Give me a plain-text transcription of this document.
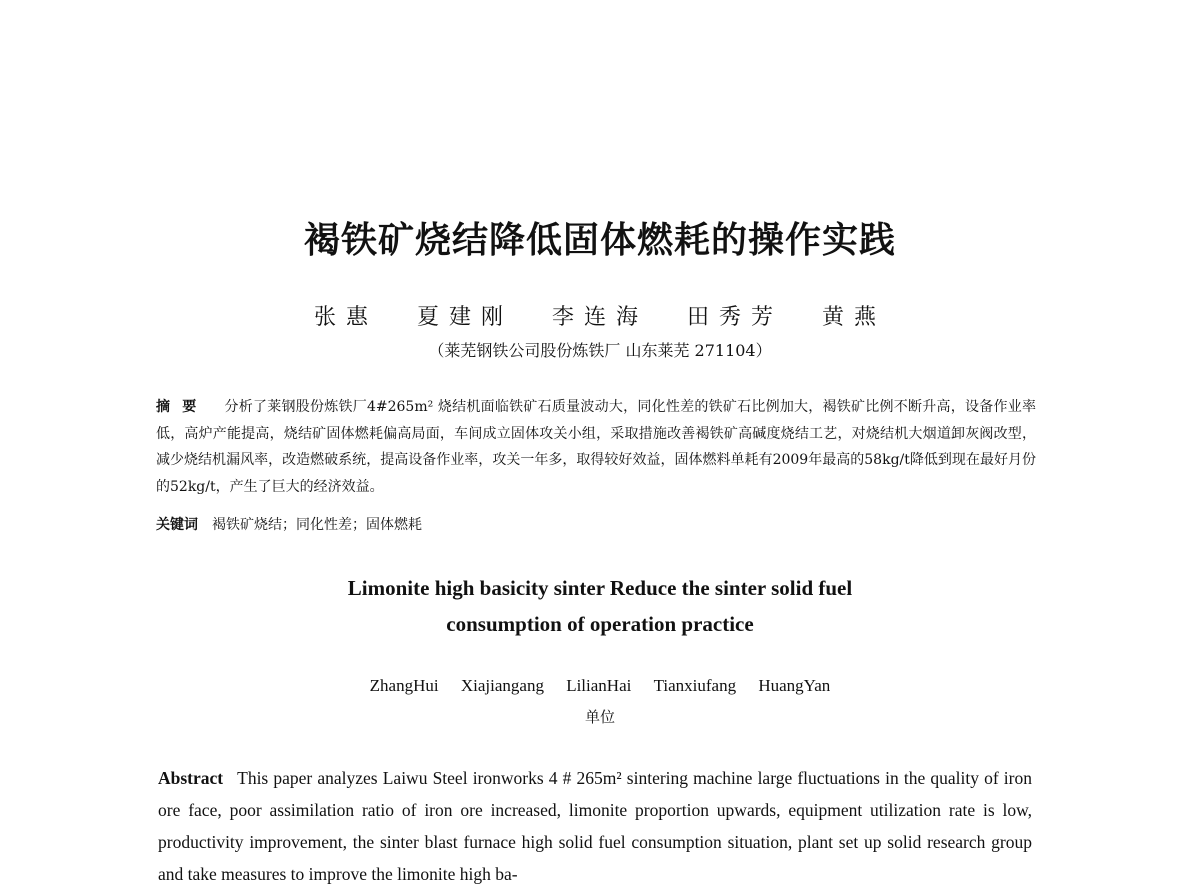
褐铁矿烧结降低固体燃耗的操作实践
张惠 夏建刚 李连海 田秀芳 黄燕
（莱芜钢铁公司股份炼铁厂 山东莱芜 271104）
摘要 分析了莱钢股份炼铁厂4#265m² 烧结机面临铁矿石质量波动大，同化性差的铁矿石比例加大，褐铁矿比例不断升高，设备作业率低，高炉产能提高，烧结矿固体燃耗偏高局面，车间成立固体攻关小组，采取措施改善褐铁矿高碱度烧结工艺，对烧结机大烟道卸灰阀改型，减少烧结机漏风率，改造燃破系统，提高设备作业率，攻关一年多，取得较好效益，固体燃料单耗有2009年最高的58kg/t降低到现在最好月份的52kg/t，产生了巨大的经济效益。
关键词 褐铁矿烧结；同化性差；固体燃耗
Limonite high basicity sinter Reduce the sinter solid fuel
consumption of operation practice
ZhangHui Xiajiangang LilianHai Tianxiufang HuangYan
单位
Abstract This paper analyzes Laiwu Steel ironworks 4 # 265m² sintering machine large fluctuations in the quality of iron ore face, poor assimilation ratio of iron ore increased, limonite proportion upwards, equipment utilization rate is low, productivity improvement, the sinter blast furnace high solid fuel consumption situation, plant set up solid research group and take measures to improve the limonite high ba-
